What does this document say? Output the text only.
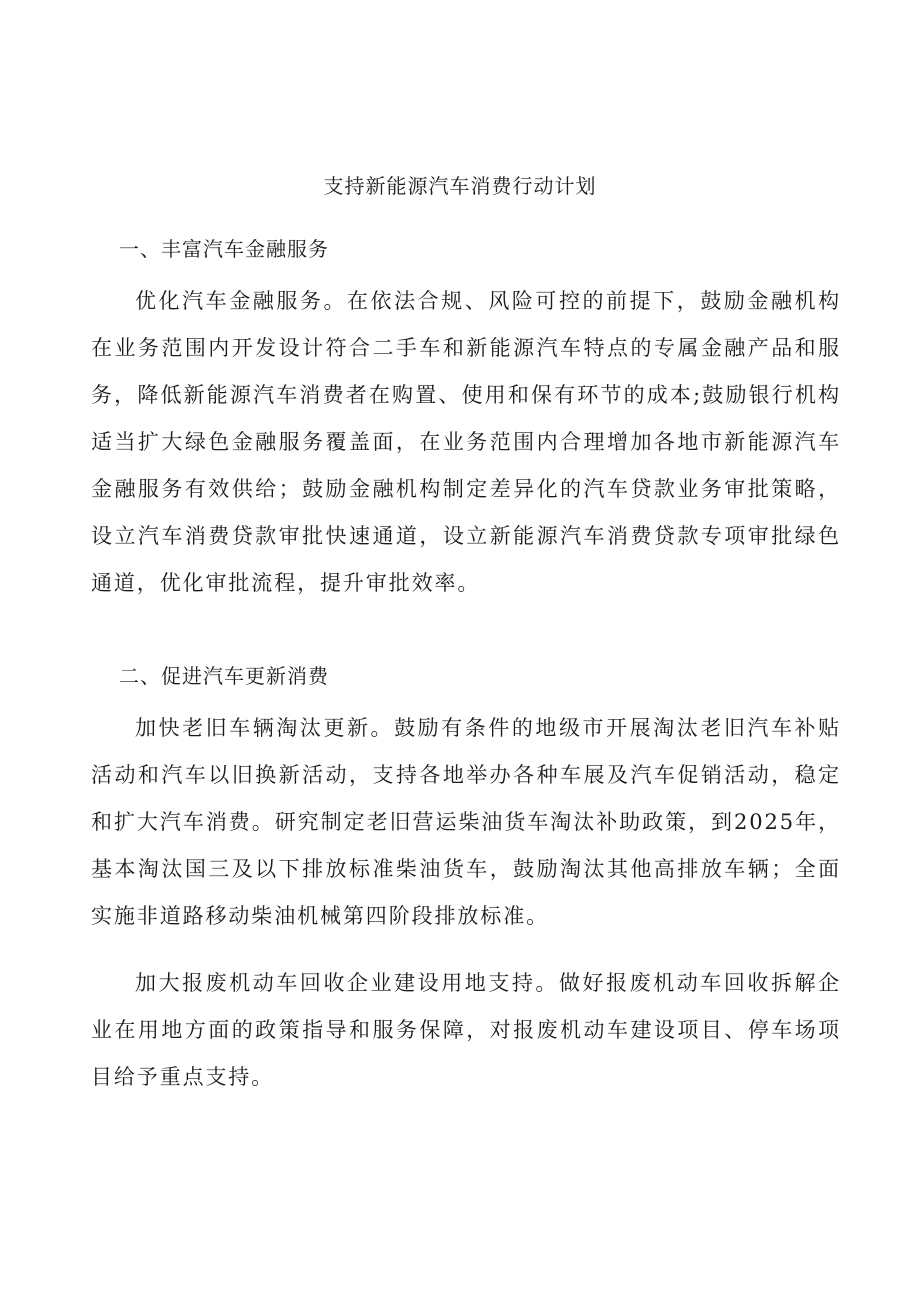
支持新能源汽车消费行动计划
一、丰富汽车金融服务

优化汽车金融服务。在依法合规、风险可控的前提下，鼓励金融机构在业务范围内开发设计符合二手车和新能源汽车特点的专属金融产品和服务，降低新能源汽车消费者在购置、使用和保有环节的成本;鼓励银行机构适当扩大绿色金融服务覆盖面，在业务范围内合理增加各地市新能源汽车金融服务有效供给；鼓励金融机构制定差异化的汽车贷款业务审批策略，设立汽车消费贷款审批快速通道，设立新能源汽车消费贷款专项审批绿色通道，优化审批流程，提升审批效率。

二、促进汽车更新消费

加快老旧车辆淘汰更新。鼓励有条件的地级市开展淘汰老旧汽车补贴活动和汽车以旧换新活动，支持各地举办各种车展及汽车促销活动，稳定和扩大汽车消费。研究制定老旧营运柴油货车淘汰补助政策，到2025年，基本淘汰国三及以下排放标准柴油货车，鼓励淘汰其他高排放车辆；全面实施非道路移动柴油机械第四阶段排放标准。

加大报废机动车回收企业建设用地支持。做好报废机动车回收拆解企业在用地方面的政策指导和服务保障，对报废机动车建设项目、停车场项目给予重点支持。
